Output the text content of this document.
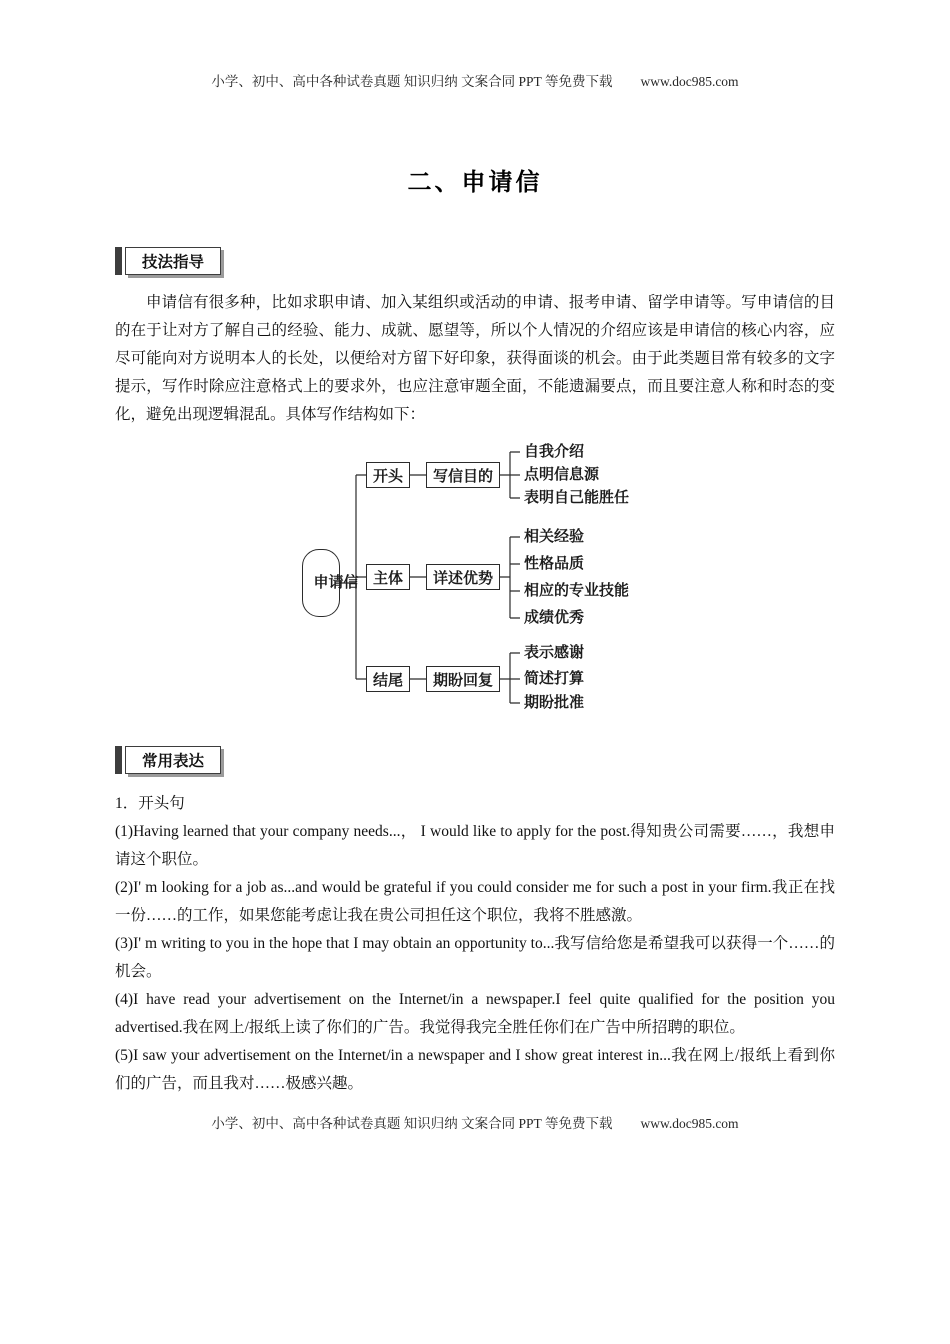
小学、初中、高中各种试卷真题 知识归纳 文案合同 PPT 等免费下载 www.doc985.com
二、申请信
技法指导

申请信有很多种，比如求职申请、加入某组织或活动的申请、报考申请、留学申请等。写申请信的目的在于让对方了解自己的经验、能力、成就、愿望等，所以个人情况的介绍应该是申请信的核心内容，应尽可能向对方说明本人的长处，以便给对方留下好印象，获得面谈的机会。由于此类题目常有较多的文字提示，写作时除应注意格式上的要求外，也应注意审题全面，不能遗漏要点，而且要注意人称和时态的变化，避免出现逻辑混乱。具体写作结构如下：

申请信
开头	写信目的
自我介绍
点明信息源
表明自己能胜任
主体	详述优势
相关经验
性格品质
相应的专业技能
成绩优秀
结尾	期盼回复
表示感谢
简述打算
期盼批准
常用表达

1．开头句

(1)Having learned that your company needs...， I would like to apply for the post.得知贵公司需要……，我想申请这个职位。

(2)I' m looking for a job as...and would be grateful if you could consider me for such a post in your firm.我正在找一份……的工作，如果您能考虑让我在贵公司担任这个职位，我将不胜感激。

(3)I' m writing to you in the hope that I may obtain an opportunity to...我写信给您是希望我可以获得一个……的机会。

(4)I have read your advertisement on the Internet/in a newspaper.I feel quite qualified for the position you advertised.我在网上/报纸上读了你们的广告。我觉得我完全胜任你们在广告中所招聘的职位。

(5)I saw your advertisement on the Internet/in a newspaper and I show great interest in...我在网上/报纸上看到你们的广告，而且我对……极感兴趣。

小学、初中、高中各种试卷真题 知识归纳 文案合同 PPT 等免费下载 www.doc985.com
